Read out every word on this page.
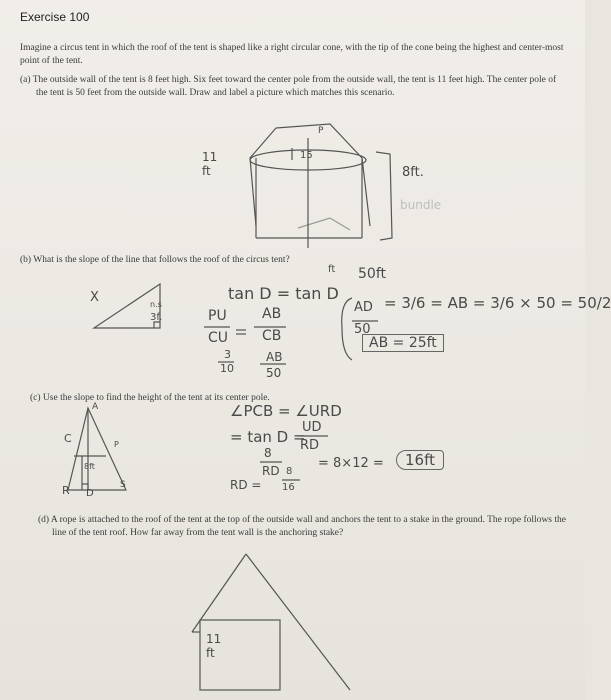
Exercise 100
Imagine a circus tent in which the roof of the tent is shaped like a right circular cone, with the tip of the cone being the highest and center-most point of the tent.
(a) The outside wall of the tent is 8 feet high. Six feet toward the center pole from the outside wall, the tent is 11 feet high. The center pole of the tent is 50 feet from the outside wall. Draw and label a picture which matches this scenario.
11 ft
15
P
8ft.
bundle
(b) What is the slope of the line that follows the roof of the circus tent?
X	n.s
3f.
tan D = tan D
ft 50ft
PU
CU
AB
CB
3
10
AB
50
AD
50
= 3/6 = AB = 3/6 × 50 = 50/2
AB = 25ft
(c) Use the slope to find the height of the tent at its center pole.
A
C	P
8ft
R D
S
∠PCB = ∠URD
= tan D =
UD
RD
8
RD
RD =
8
16
= 8×12 =	16ft
(d) A rope is attached to the roof of the tent at the top of the outside wall and anchors the tent to a stake in the ground. The rope follows the line of the tent roof. How far away from the tent wall is the anchoring stake?
11 ft
